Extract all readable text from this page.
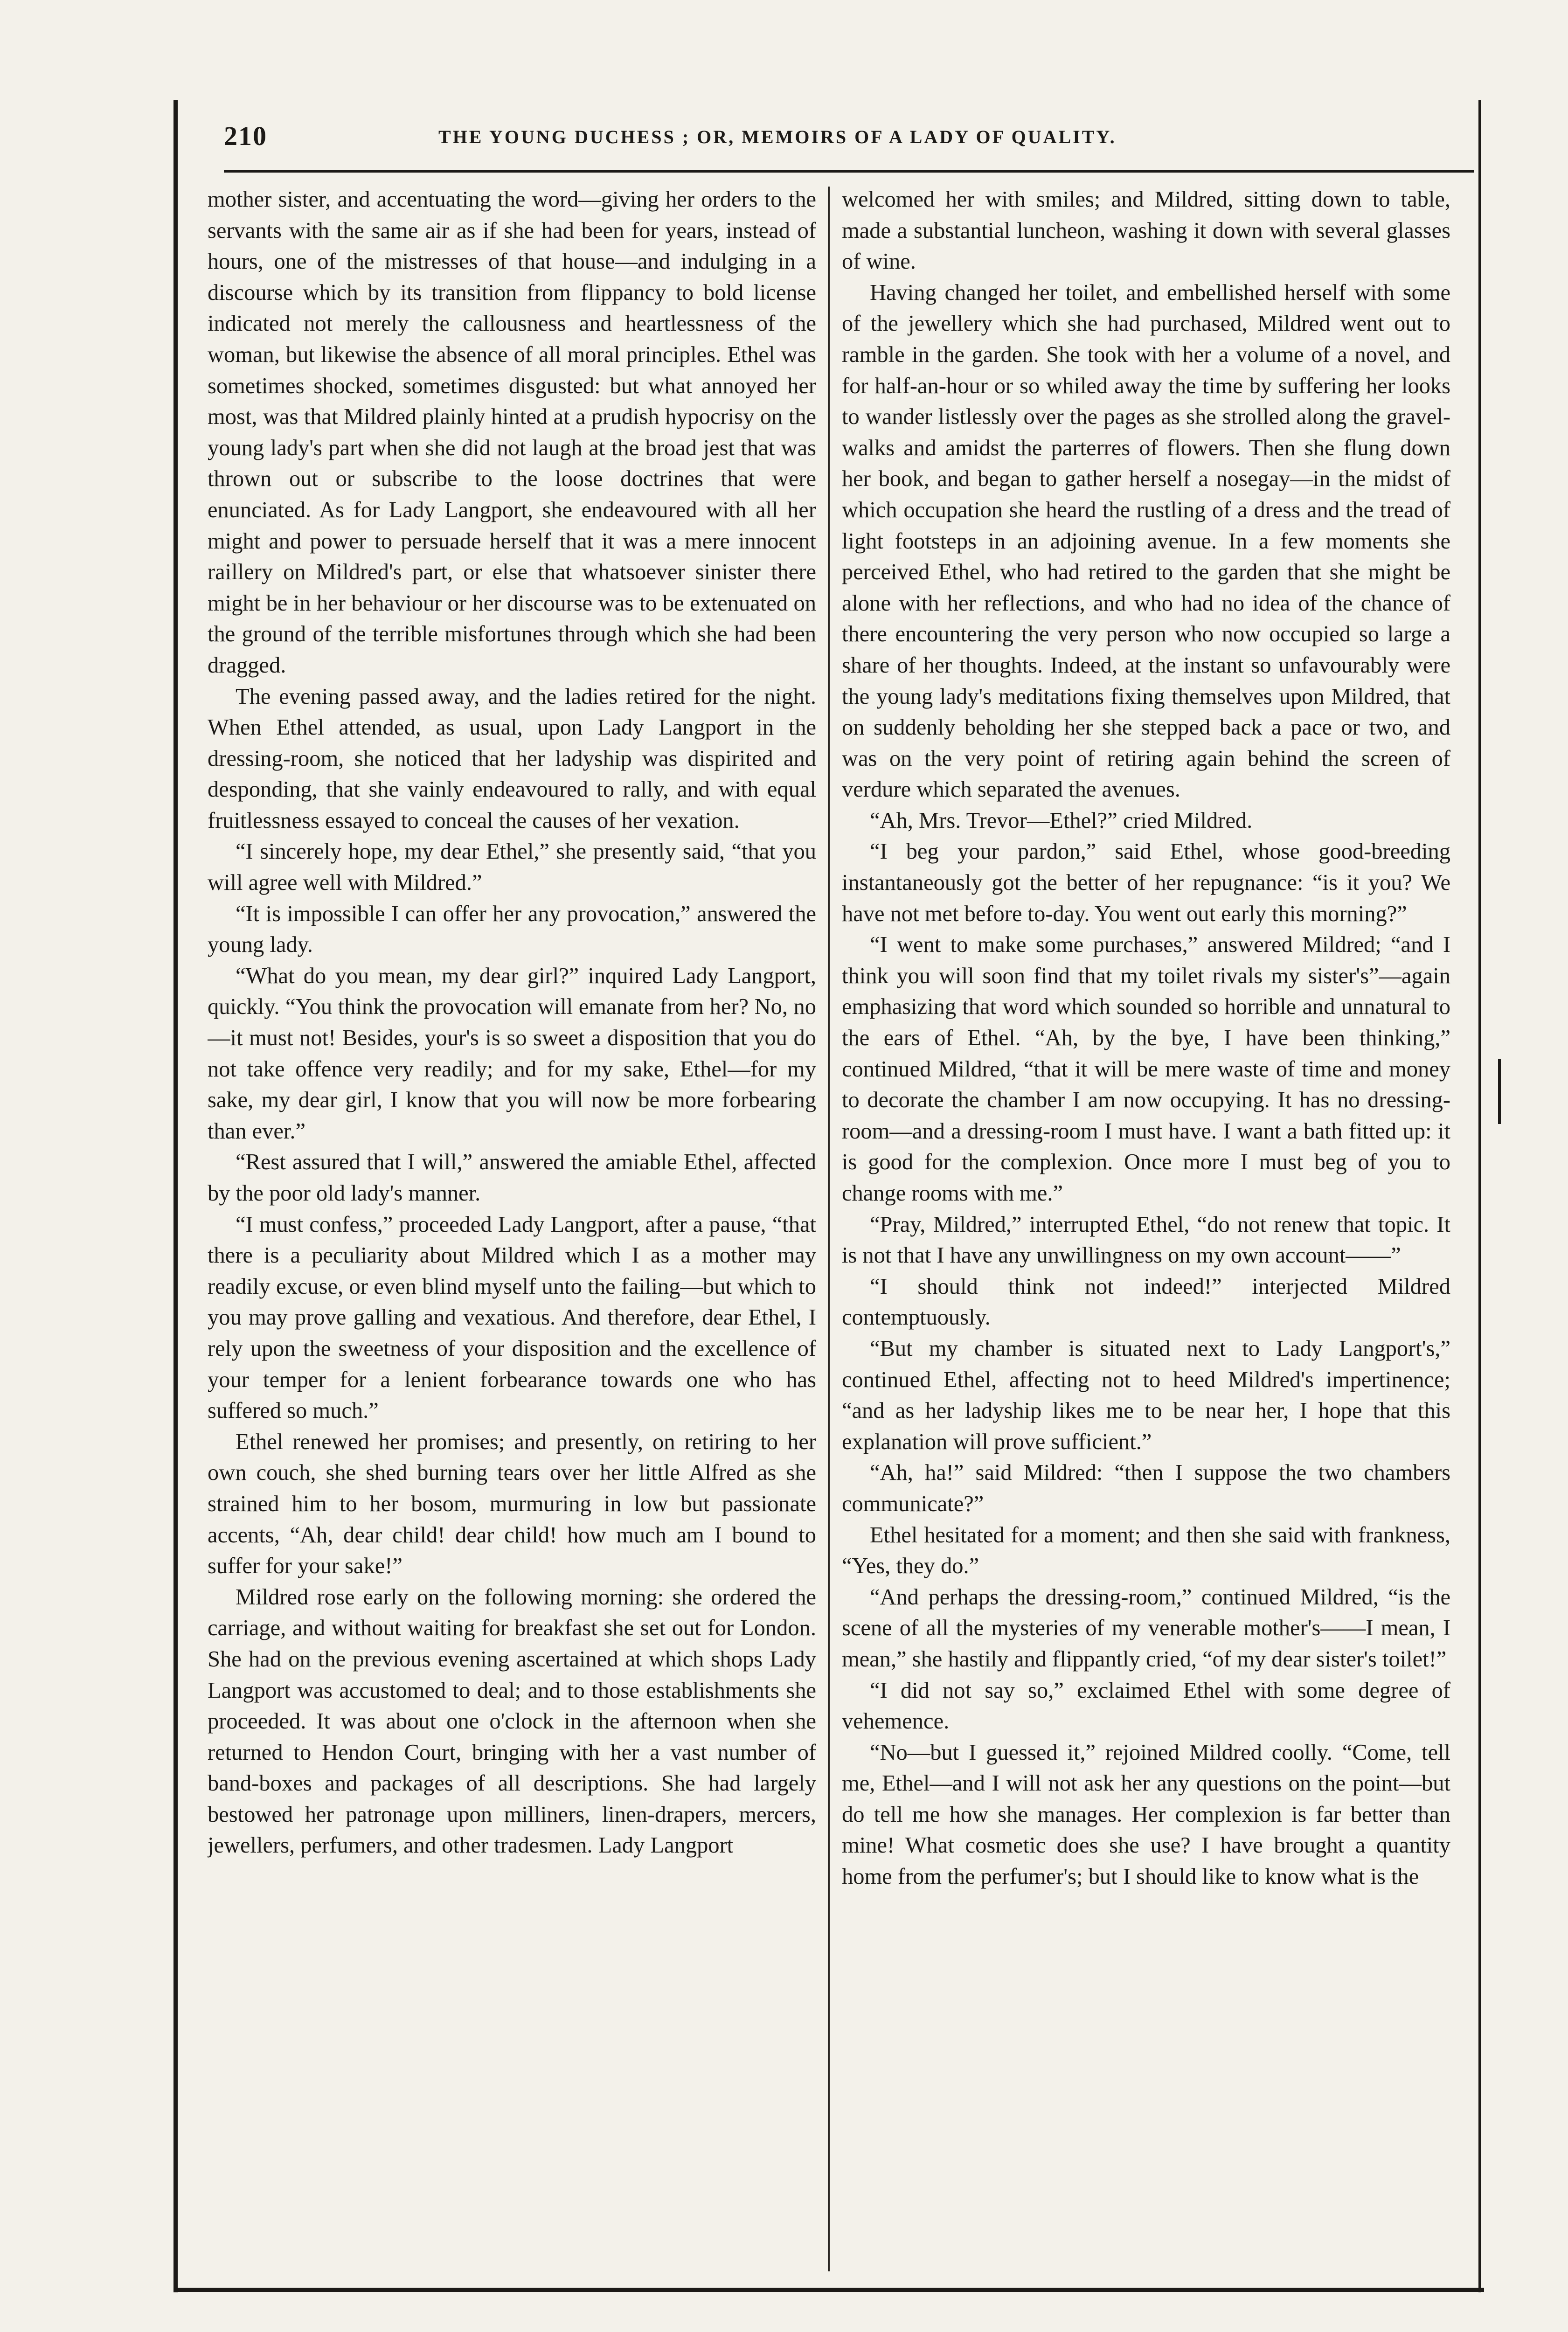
210	THE YOUNG DUCHESS ; OR, MEMOIRS OF A LADY OF QUALITY.

mother sister, and accentuating the word—giving her orders to the servants with the same air as if she had been for years, instead of hours, one of the mistresses of that house—and indulging in a discourse which by its transition from flippancy to bold license indicated not merely the callousness and heartlessness of the woman, but likewise the absence of all moral principles. Ethel was sometimes shocked, sometimes disgusted: but what annoyed her most, was that Mildred plainly hinted at a prudish hypocrisy on the young lady's part when she did not laugh at the broad jest that was thrown out or subscribe to the loose doctrines that were enunciated. As for Lady Langport, she endeavoured with all her might and power to persuade herself that it was a mere innocent raillery on Mildred's part, or else that whatsoever sinister there might be in her behaviour or her discourse was to be extenuated on the ground of the terrible misfortunes through which she had been dragged.

The evening passed away, and the ladies retired for the night. When Ethel attended, as usual, upon Lady Langport in the dressing-room, she noticed that her ladyship was dispirited and desponding, that she vainly endeavoured to rally, and with equal fruitlessness essayed to conceal the causes of her vexation.

“I sincerely hope, my dear Ethel,” she presently said, “that you will agree well with Mildred.”

“It is impossible I can offer her any provocation,” answered the young lady.

“What do you mean, my dear girl?” inquired Lady Langport, quickly. “You think the provocation will emanate from her? No, no—it must not! Besides, your's is so sweet a disposition that you do not take offence very readily; and for my sake, Ethel—for my sake, my dear girl, I know that you will now be more forbearing than ever.”

“Rest assured that I will,” answered the amiable Ethel, affected by the poor old lady's manner.

“I must confess,” proceeded Lady Langport, after a pause, “that there is a peculiarity about Mildred which I as a mother may readily excuse, or even blind myself unto the failing—but which to you may prove galling and vexatious. And therefore, dear Ethel, I rely upon the sweetness of your disposition and the excellence of your temper for a lenient forbearance towards one who has suffered so much.”

Ethel renewed her promises; and presently, on retiring to her own couch, she shed burning tears over her little Alfred as she strained him to her bosom, murmuring in low but passionate accents, “Ah, dear child! dear child! how much am I bound to suffer for your sake!”

Mildred rose early on the following morning: she ordered the carriage, and without waiting for breakfast she set out for London. She had on the previous evening ascertained at which shops Lady Langport was accustomed to deal; and to those establishments she proceeded. It was about one o'clock in the afternoon when she returned to Hendon Court, bringing with her a vast number of band-boxes and packages of all descriptions. She had largely bestowed her patronage upon milliners, linen-drapers, mercers, jewellers, perfumers, and other tradesmen. Lady Langport

welcomed her with smiles; and Mildred, sitting down to table, made a substantial luncheon, washing it down with several glasses of wine.

Having changed her toilet, and embellished herself with some of the jewellery which she had purchased, Mildred went out to ramble in the garden. She took with her a volume of a novel, and for half-an-hour or so whiled away the time by suffering her looks to wander listlessly over the pages as she strolled along the gravel-walks and amidst the parterres of flowers. Then she flung down her book, and began to gather herself a nosegay—in the midst of which occupation she heard the rustling of a dress and the tread of light footsteps in an adjoining avenue. In a few moments she perceived Ethel, who had retired to the garden that she might be alone with her reflections, and who had no idea of the chance of there encountering the very person who now occupied so large a share of her thoughts. Indeed, at the instant so unfavourably were the young lady's meditations fixing themselves upon Mildred, that on suddenly beholding her she stepped back a pace or two, and was on the very point of retiring again behind the screen of verdure which separated the avenues.

“Ah, Mrs. Trevor—Ethel?” cried Mildred.

“I beg your pardon,” said Ethel, whose good-breeding instantaneously got the better of her repugnance: “is it you? We have not met before to-day. You went out early this morning?”

“I went to make some purchases,” answered Mildred; “and I think you will soon find that my toilet rivals my sister's”—again emphasizing that word which sounded so horrible and unnatural to the ears of Ethel. “Ah, by the bye, I have been thinking,” continued Mildred, “that it will be mere waste of time and money to decorate the chamber I am now occupying. It has no dressing-room—and a dressing-room I must have. I want a bath fitted up: it is good for the complexion. Once more I must beg of you to change rooms with me.”

“Pray, Mildred,” interrupted Ethel, “do not renew that topic. It is not that I have any unwillingness on my own account——”

“I should think not indeed!” interjected Mildred contemptuously.

“But my chamber is situated next to Lady Langport's,” continued Ethel, affecting not to heed Mildred's impertinence; “and as her ladyship likes me to be near her, I hope that this explanation will prove sufficient.”

“Ah, ha!” said Mildred: “then I suppose the two chambers communicate?”

Ethel hesitated for a moment; and then she said with frankness, “Yes, they do.”

“And perhaps the dressing-room,” continued Mildred, “is the scene of all the mysteries of my venerable mother's——I mean, I mean,” she hastily and flippantly cried, “of my dear sister's toilet!”

“I did not say so,” exclaimed Ethel with some degree of vehemence.

“No—but I guessed it,” rejoined Mildred coolly. “Come, tell me, Ethel—and I will not ask her any questions on the point—but do tell me how she manages. Her complexion is far better than mine! What cosmetic does she use? I have brought a quantity home from the perfumer's; but I should like to know what is the
